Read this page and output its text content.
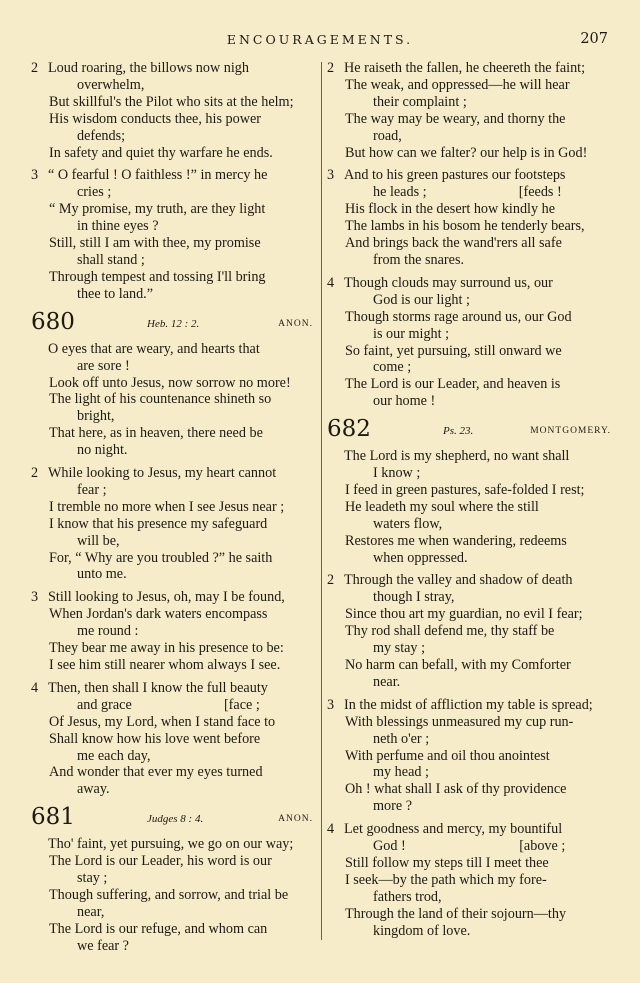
ENCOURAGEMENTS.	207
2 Loud roaring, the billows now nigh
overwhelm,
But skillful's the Pilot who sits at the helm;
His wisdom conducts thee, his power
defends;
In safety and quiet thy warfare he ends.
3 “ O fearful ! O faithless !” in mercy he
cries ;
“ My promise, my truth, are they light
in thine eyes ?
Still, still I am with thee, my promise
shall stand ;
Through tempest and tossing I'll bring
thee to land.”
680	Heb. 12 : 2.	ANON.
O eyes that are weary, and hearts that
are sore !
Look off unto Jesus, now sorrow no more!
The light of his countenance shineth so
bright,
That here, as in heaven, there need be
no night.
2 While looking to Jesus, my heart cannot
fear ;
I tremble no more when I see Jesus near ;
I know that his presence my safeguard
will be,
For, “ Why are you troubled ?” he saith
unto me.
3 Still looking to Jesus, oh, may I be found,
When Jordan's dark waters encompass
me round :
They bear me away in his presence to be:
I see him still nearer whom always I see.
4 Then, then shall I know the full beauty
and grace                          [face ;
Of Jesus, my Lord, when I stand face to
Shall know how his love went before
me each day,
And wonder that ever my eyes turned
away.
681	Judges 8 : 4.	ANON.
Tho' faint, yet pursuing, we go on our way;
The Lord is our Leader, his word is our
stay ;
Though suffering, and sorrow, and trial be
near,
The Lord is our refuge, and whom can
we fear ?
2 He raiseth the fallen, he cheereth the faint;
The weak, and oppressed—he will hear
their complaint ;
The way may be weary, and thorny the
road,
But how can we falter? our help is in God!
3 And to his green pastures our footsteps
he leads ;                          [feeds !
His flock in the desert how kindly he
The lambs in his bosom he tenderly bears,
And brings back the wand'rers all safe
from the snares.
4 Though clouds may surround us, our
God is our light ;
Though storms rage around us, our God
is our might ;
So faint, yet pursuing, still onward we
come ;
The Lord is our Leader, and heaven is
our home !
682	Ps. 23.	MONTGOMERY.
The Lord is my shepherd, no want shall
I know ;
I feed in green pastures, safe-folded I rest;
He leadeth my soul where the still
waters flow,
Restores me when wandering, redeems
when oppressed.
2 Through the valley and shadow of death
though I stray,
Since thou art my guardian, no evil I fear;
Thy rod shall defend me, thy staff be
my stay ;
No harm can befall, with my Comforter
near.
3 In the midst of affliction my table is spread;
With blessings unmeasured my cup run-
neth o'er ;
With perfume and oil thou anointest
my head ;
Oh ! what shall I ask of thy providence
more ?
4 Let goodness and mercy, my bountiful
God !                                [above ;
Still follow my steps till I meet thee
I seek—by the path which my fore-
fathers trod,
Through the land of their sojourn—thy
kingdom of love.
